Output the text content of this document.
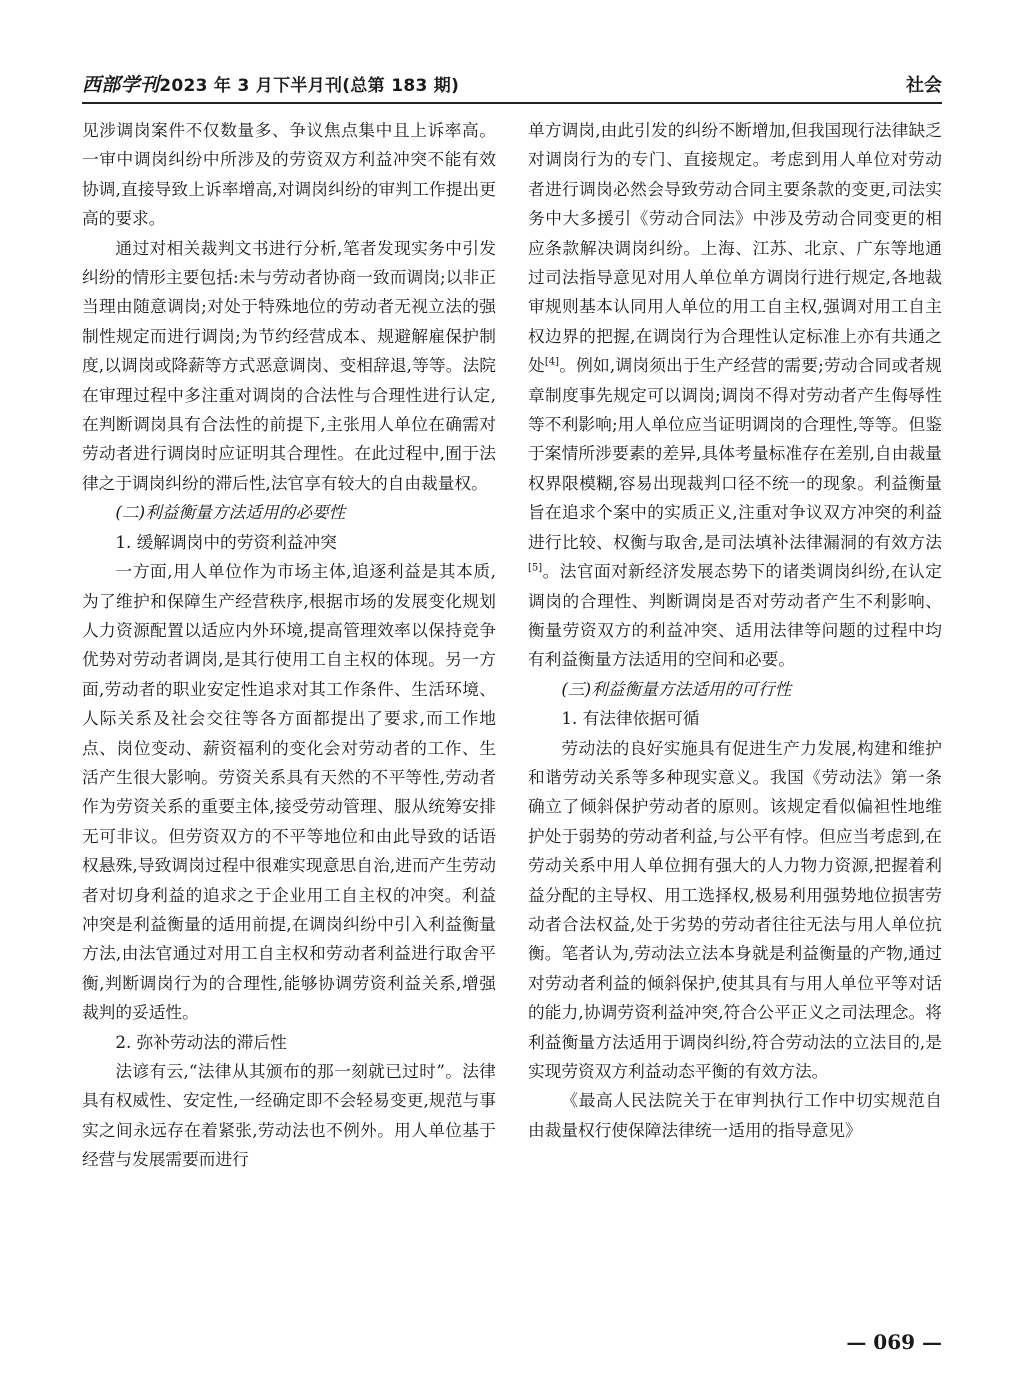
西部学刊2023 年 3 月下半月刊(总第 183 期)	社会

见涉调岗案件不仅数量多、争议焦点集中且上诉率高。一审中调岗纠纷中所涉及的劳资双方利益冲突不能有效协调,直接导致上诉率增高,对调岗纠纷的审判工作提出更高的要求。

通过对相关裁判文书进行分析,笔者发现实务中引发纠纷的情形主要包括:未与劳动者协商一致而调岗;以非正当理由随意调岗;对处于特殊地位的劳动者无视立法的强制性规定而进行调岗;为节约经营成本、规避解雇保护制度,以调岗或降薪等方式恶意调岗、变相辞退,等等。法院在审理过程中多注重对调岗的合法性与合理性进行认定,在判断调岗具有合法性的前提下,主张用人单位在确需对劳动者进行调岗时应证明其合理性。在此过程中,囿于法律之于调岗纠纷的滞后性,法官享有较大的自由裁量权。

(二)利益衡量方法适用的必要性

1. 缓解调岗中的劳资利益冲突

一方面,用人单位作为市场主体,追逐利益是其本质,为了维护和保障生产经营秩序,根据市场的发展变化规划人力资源配置以适应内外环境,提高管理效率以保持竞争优势对劳动者调岗,是其行使用工自主权的体现。另一方面,劳动者的职业安定性追求对其工作条件、生活环境、人际关系及社会交往等各方面都提出了要求,而工作地点、岗位变动、薪资福利的变化会对劳动者的工作、生活产生很大影响。劳资关系具有天然的不平等性,劳动者作为劳资关系的重要主体,接受劳动管理、服从统筹安排无可非议。但劳资双方的不平等地位和由此导致的话语权悬殊,导致调岗过程中很难实现意思自治,进而产生劳动者对切身利益的追求之于企业用工自主权的冲突。利益冲突是利益衡量的适用前提,在调岗纠纷中引入利益衡量方法,由法官通过对用工自主权和劳动者利益进行取舍平衡,判断调岗行为的合理性,能够协调劳资利益关系,增强裁判的妥适性。

2. 弥补劳动法的滞后性

法谚有云,“法律从其颁布的那一刻就已过时”。法律具有权威性、安定性,一经确定即不会轻易变更,规范与事实之间永远存在着紧张,劳动法也不例外。用人单位基于经营与发展需要而进行

单方调岗,由此引发的纠纷不断增加,但我国现行法律缺乏对调岗行为的专门、直接规定。考虑到用人单位对劳动者进行调岗必然会导致劳动合同主要条款的变更,司法实务中大多援引《劳动合同法》中涉及劳动合同变更的相应条款解决调岗纠纷。上海、江苏、北京、广东等地通过司法指导意见对用人单位单方调岗行进行规定,各地裁审规则基本认同用人单位的用工自主权,强调对用工自主权边界的把握,在调岗行为合理性认定标准上亦有共通之处[4]。例如,调岗须出于生产经营的需要;劳动合同或者规章制度事先规定可以调岗;调岗不得对劳动者产生侮辱性等不利影响;用人单位应当证明调岗的合理性,等等。但鉴于案情所涉要素的差异,具体考量标准存在差别,自由裁量权界限模糊,容易出现裁判口径不统一的现象。利益衡量旨在追求个案中的实质正义,注重对争议双方冲突的利益进行比较、权衡与取舍,是司法填补法律漏洞的有效方法[5]。法官面对新经济发展态势下的诸类调岗纠纷,在认定调岗的合理性、判断调岗是否对劳动者产生不利影响、衡量劳资双方的利益冲突、适用法律等问题的过程中均有利益衡量方法适用的空间和必要。

(三)利益衡量方法适用的可行性

1. 有法律依据可循

劳动法的良好实施具有促进生产力发展,构建和维护和谐劳动关系等多种现实意义。我国《劳动法》第一条确立了倾斜保护劳动者的原则。该规定看似偏袒性地维护处于弱势的劳动者利益,与公平有悖。但应当考虑到,在劳动关系中用人单位拥有强大的人力物力资源,把握着利益分配的主导权、用工选择权,极易利用强势地位损害劳动者合法权益,处于劣势的劳动者往往无法与用人单位抗衡。笔者认为,劳动法立法本身就是利益衡量的产物,通过对劳动者利益的倾斜保护,使其具有与用人单位平等对话的能力,协调劳资利益冲突,符合公平正义之司法理念。将利益衡量方法适用于调岗纠纷,符合劳动法的立法目的,是实现劳资双方利益动态平衡的有效方法。

《最高人民法院关于在审判执行工作中切实规范自由裁量权行使保障法律统一适用的指导意见》

— 069 —
